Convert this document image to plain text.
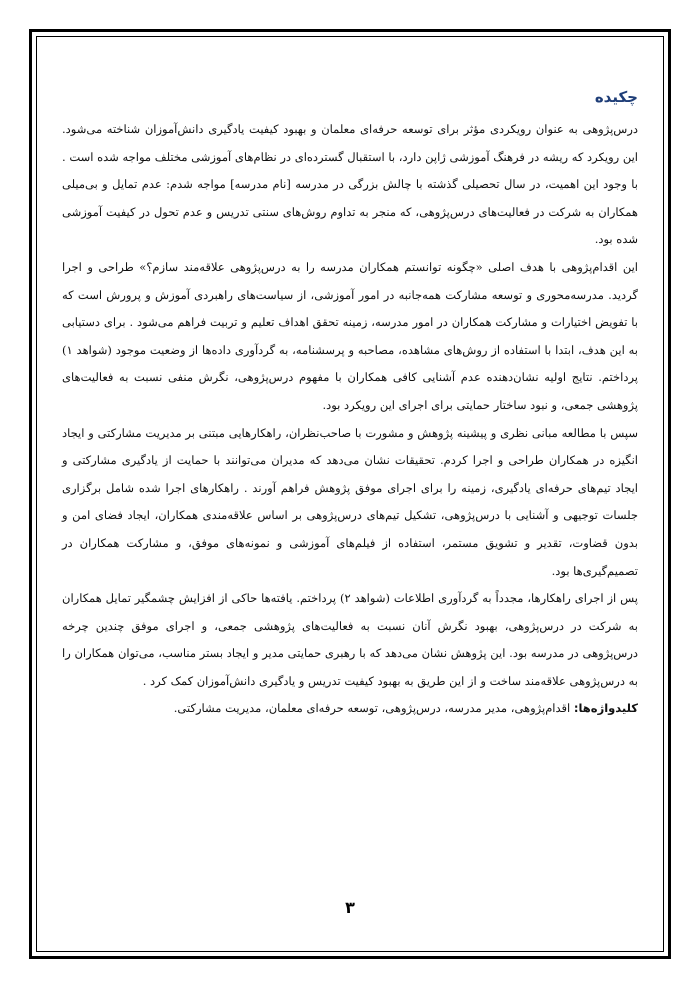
چکیده

درس‌پژوهی به عنوان رویکردی مؤثر برای توسعه حرفه‌ای معلمان و بهبود کیفیت یادگیری دانش‌آموزان شناخته می‌شود. این رویکرد که ریشه در فرهنگ آموزشی ژاپن دارد، با استقبال گسترده‌ای در نظام‌های آموزشی مختلف مواجه شده است . با وجود این اهمیت، در سال تحصیلی گذشته با چالش بزرگی در مدرسه [نام مدرسه] مواجه شدم: عدم تمایل و بی‌میلی همکاران به شرکت در فعالیت‌های درس‌پژوهی، که منجر به تداوم روش‌های سنتی تدریس و عدم تحول در کیفیت آموزشی شده بود.

این اقدام‌پژوهی با هدف اصلی «چگونه توانستم همکاران مدرسه را به درس‌پژوهی علاقه‌مند سازم؟» طراحی و اجرا گردید. مدرسه‌محوری و توسعه مشارکت همه‌جانبه در امور آموزشی، از سیاست‌های راهبردی آموزش و پرورش است که با تفویض اختیارات و مشارکت همکاران در امور مدرسه، زمینه تحقق اهداف تعلیم و تربیت فراهم می‌شود . برای دستیابی به این هدف، ابتدا با استفاده از روش‌های مشاهده، مصاحبه و پرسشنامه، به گردآوری داده‌ها از وضعیت موجود (شواهد ۱) پرداختم. نتایج اولیه نشان‌دهنده عدم آشنایی کافی همکاران با مفهوم درس‌پژوهی، نگرش منفی نسبت به فعالیت‌های پژوهشی جمعی، و نبود ساختار حمایتی برای اجرای این رویکرد بود.

سپس با مطالعه مبانی نظری و پیشینه پژوهش و مشورت با صاحب‌نظران، راهکارهایی مبتنی بر مدیریت مشارکتی و ایجاد انگیزه در همکاران طراحی و اجرا کردم. تحقیقات نشان می‌دهد که مدیران می‌توانند با حمایت از یادگیری مشارکتی و ایجاد تیم‌های حرفه‌ای یادگیری، زمینه را برای اجرای موفق پژوهش فراهم آورند . راهکارهای اجرا شده شامل برگزاری جلسات توجیهی و آشنایی با درس‌پژوهی، تشکیل تیم‌های درس‌پژوهی بر اساس علاقه‌مندی همکاران، ایجاد فضای امن و بدون قضاوت، تقدیر و تشویق مستمر، استفاده از فیلم‌های آموزشی و نمونه‌های موفق، و مشارکت همکاران در تصمیم‌گیری‌ها بود.

پس از اجرای راهکارها، مجدداً به گردآوری اطلاعات (شواهد ۲) پرداختم. یافته‌ها حاکی از افزایش چشمگیر تمایل همکاران به شرکت در درس‌پژوهی، بهبود نگرش آنان نسبت به فعالیت‌های پژوهشی جمعی، و اجرای موفق چندین چرخه درس‌پژوهی در مدرسه بود. این پژوهش نشان می‌دهد که با رهبری حمایتی مدیر و ایجاد بستر مناسب، می‌توان همکاران را به درس‌پژوهی علاقه‌مند ساخت و از این طریق به بهبود کیفیت تدریس و یادگیری دانش‌آموزان کمک کرد .

کلیدواژه‌ها: اقدام‌پژوهی، مدیر مدرسه، درس‌پژوهی، توسعه حرفه‌ای معلمان، مدیریت مشارکتی.

۳
